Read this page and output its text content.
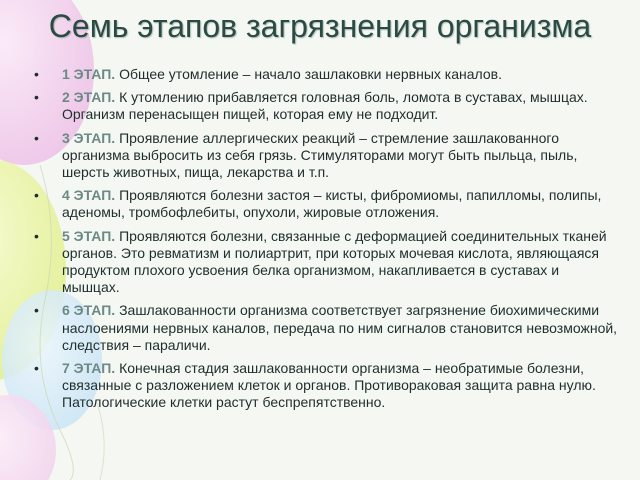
Семь этапов загрязнения организма
• 1 ЭТАП. Общее утомление – начало зашлаковки нервных каналов.
• 2 ЭТАП. К утомлению прибавляется головная боль, ломота в суставах, мышцах. Организм перенасыщен пищей, которая ему не подходит.
• 3 ЭТАП. Проявление аллергических реакций – стремление зашлакованного организма выбросить из себя грязь. Стимуляторами могут быть пыльца, пыль, шерсть животных, пища, лекарства и т.п.
• 4 ЭТАП. Проявляются болезни застоя – кисты, фибромиомы, папилломы, полипы, аденомы, тромбофлебиты, опухоли, жировые отложения.
• 5 ЭТАП. Проявляются болезни, связанные с деформацией соединительных тканей органов. Это ревматизм и полиартрит, при которых мочевая кислота, являющаяся продуктом плохого усвоения белка организмом, накапливается в суставах и мышцах.
• 6 ЭТАП. Зашлакованности организма соответствует загрязнение биохимическими наслоениями нервных каналов, передача по ним сигналов становится невозможной, следствия – параличи.
• 7 ЭТАП. Конечная стадия зашлакованности организма – необратимые болезни, связанные с разложением клеток и органов. Противораковая защита равна нулю. Патологические клетки растут беспрепятственно.
